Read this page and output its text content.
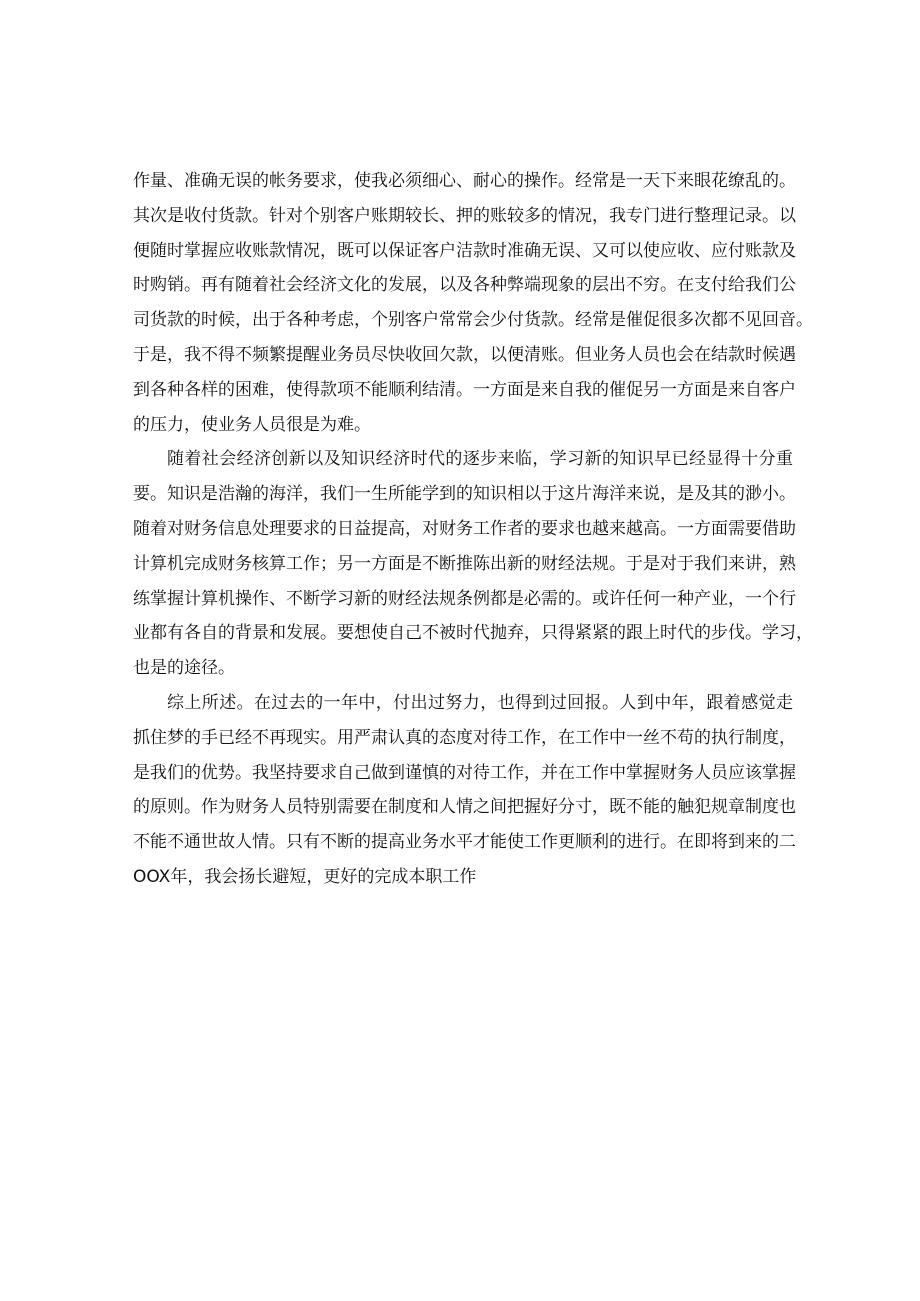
作量、准确无误的帐务要求，使我必须细心、耐心的操作。经常是一天下来眼花缭乱的。
其次是收付货款。针对个别客户账期较长、押的账较多的情况，我专门进行整理记录。以
便随时掌握应收账款情况，既可以保证客户洁款时准确无误、又可以使应收、应付账款及
时购销。再有随着社会经济文化的发展，以及各种弊端现象的层出不穷。在支付给我们公
司货款的时候，出于各种考虑，个别客户常常会少付货款。经常是催促很多次都不见回音。
于是，我不得不频繁提醒业务员尽快收回欠款，以便清账。但业务人员也会在结款时候遇
到各种各样的困难，使得款项不能顺利结清。一方面是来自我的催促另一方面是来自客户
的压力，使业务人员很是为难。
随着社会经济创新以及知识经济时代的逐步来临，学习新的知识早已经显得十分重
要。知识是浩瀚的海洋，我们一生所能学到的知识相以于这片海洋来说，是及其的渺小。
随着对财务信息处理要求的日益提高，对财务工作者的要求也越来越高。一方面需要借助
计算机完成财务核算工作；另一方面是不断推陈出新的财经法规。于是对于我们来讲，熟
练掌握计算机操作、不断学习新的财经法规条例都是必需的。或许任何一种产业，一个行
业都有各自的背景和发展。要想使自己不被时代抛弃，只得紧紧的跟上时代的步伐。学习，
也是的途径。
综上所述。在过去的一年中，付出过努力，也得到过回报。人到中年，跟着感觉走
抓住梦的手已经不再现实。用严肃认真的态度对待工作，在工作中一丝不苟的执行制度，
是我们的优势。我坚持要求自己做到谨慎的对待工作，并在工作中掌握财务人员应该掌握
的原则。作为财务人员特别需要在制度和人情之间把握好分寸，既不能的触犯规章制度也
不能不通世故人情。只有不断的提高业务水平才能使工作更顺利的进行。在即将到来的二
OOX年，我会扬长避短，更好的完成本职工作
